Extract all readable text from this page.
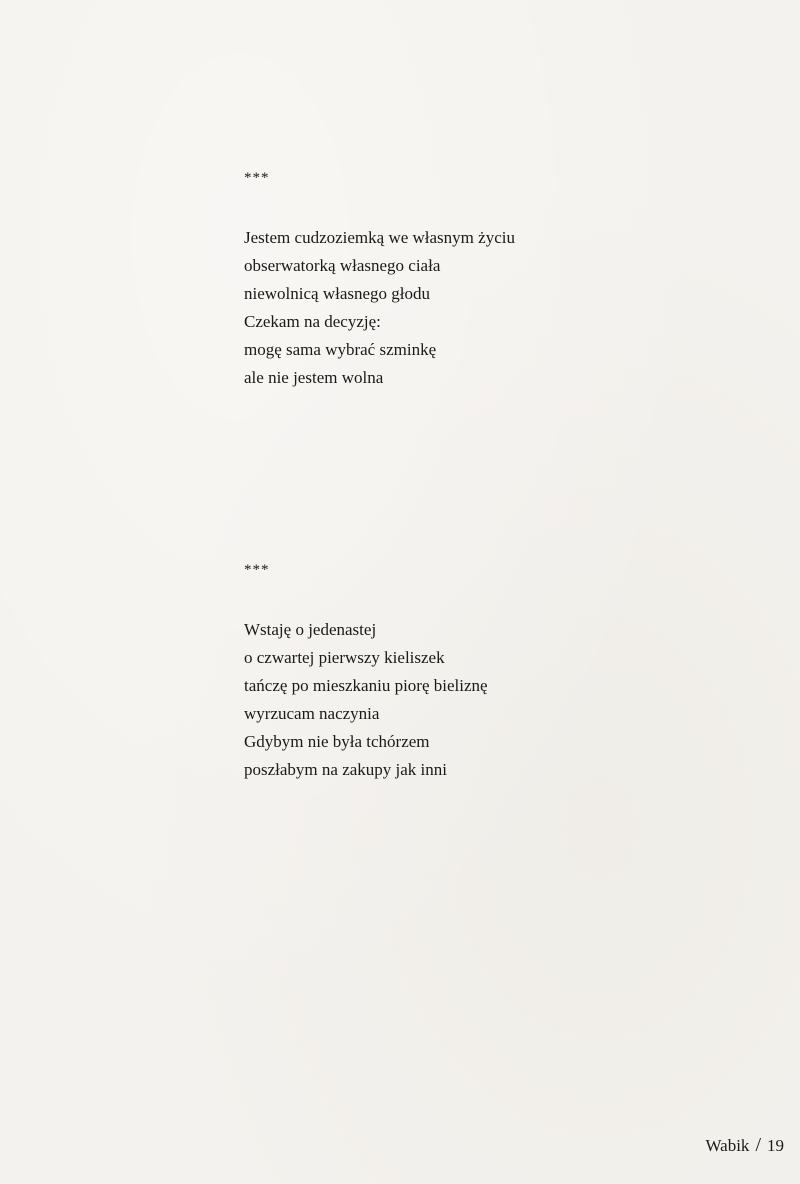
***

Jestem cudzoziemką we własnym życiu

obserwatorką własnego ciała

niewolnicą własnego głodu

Czekam na decyzję:

mogę sama wybrać szminkę

ale nie jestem wolna

***

Wstaję o jedenastej

o czwartej pierwszy kieliszek

tańczę po mieszkaniu piorę bieliznę

wyrzucam naczynia

Gdybym nie była tchórzem

poszłabym na zakupy jak inni

Wabik / 19
